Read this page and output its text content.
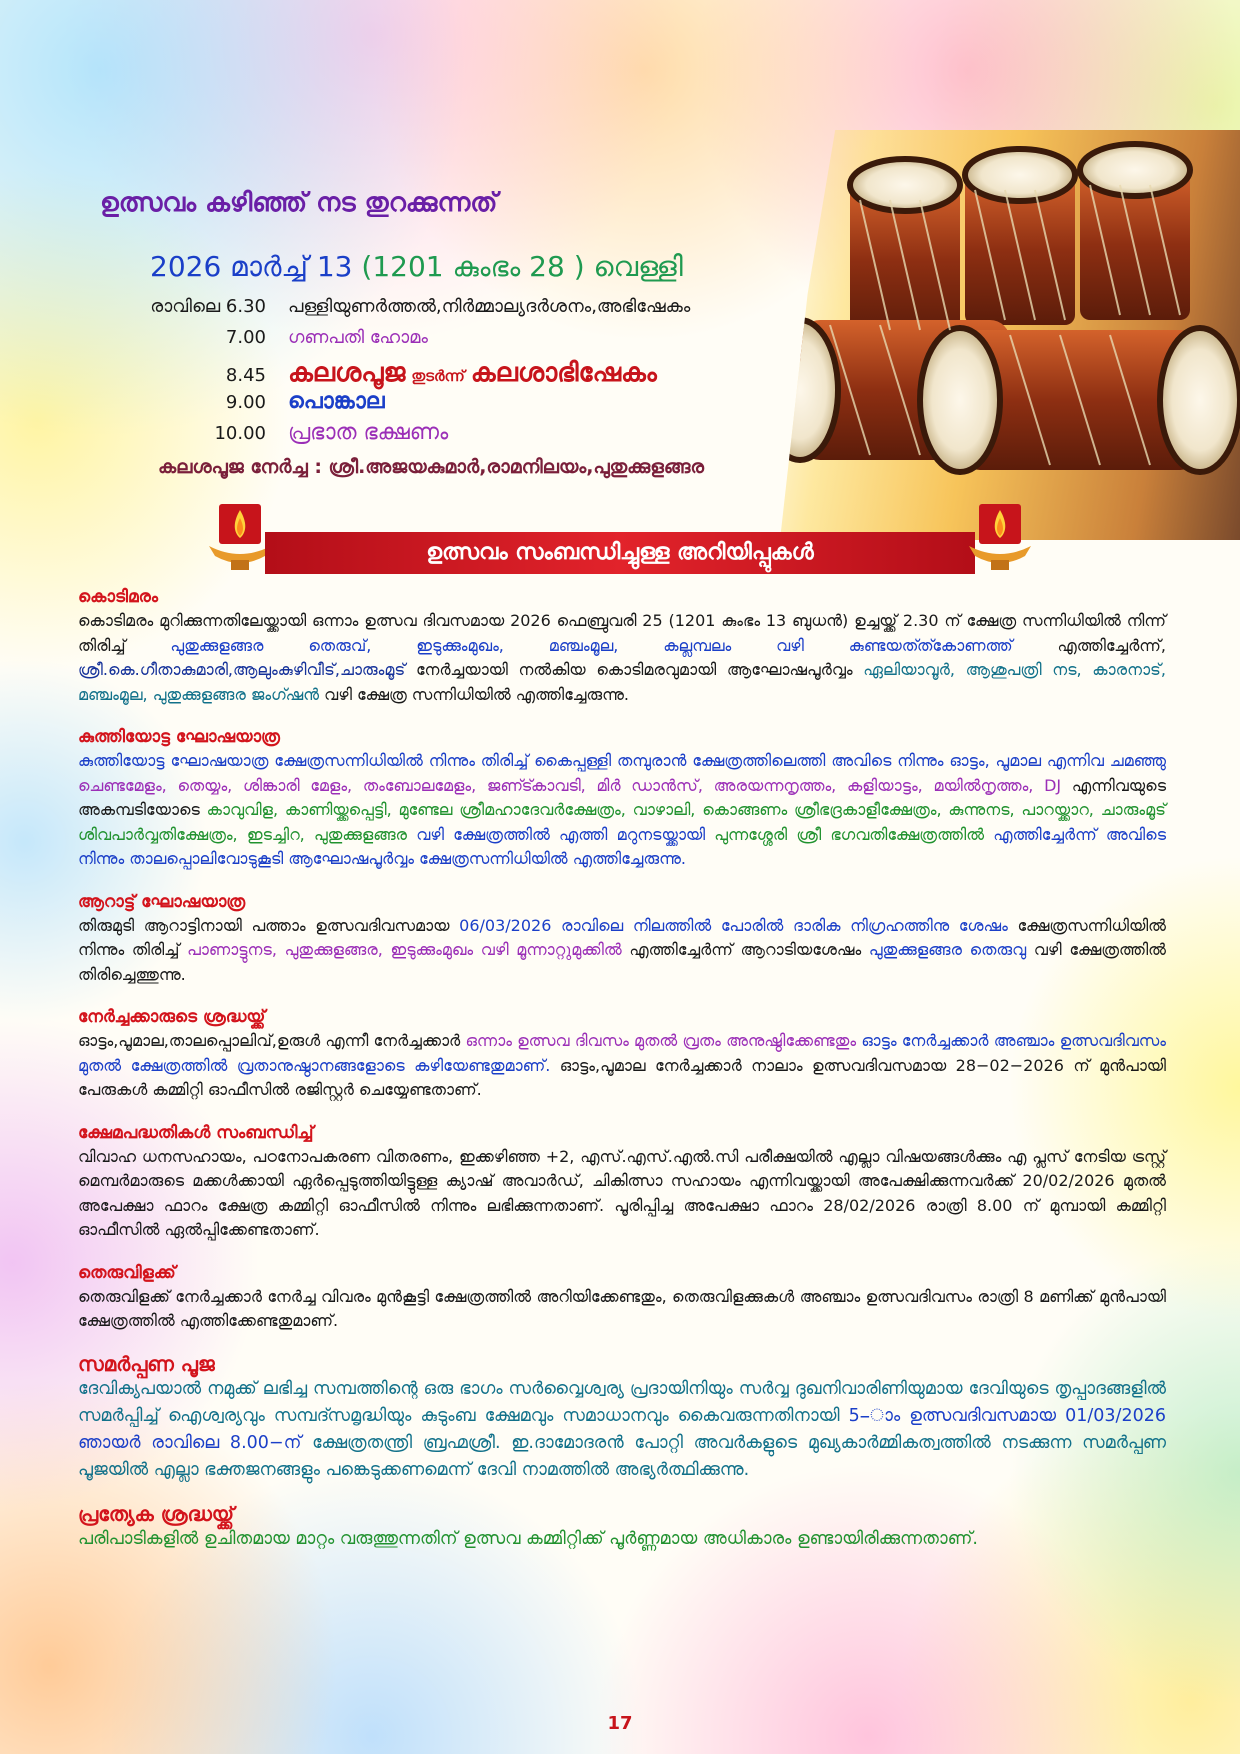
ഉത്സവം കഴിഞ്ഞ് നട തുറക്കുന്നത്
2026 മാർച്ച് 13 (1201 കുംഭം 28 ) വെള്ളി
രാവിലെ 6.30	പള്ളിയുണർത്തൽ,നിർമ്മാല്യദർശനം,അഭിഷേകം
7.00	ഗണപതി ഹോമം
8.45 കലശപൂജ തുടർന്ന് കലശാഭിഷേകം
9.00	പൊങ്കാല
10.00	പ്രഭാത ഭക്ഷണം
കലശപൂജ നേർച്ച : ശ്രീ.അജയകുമാർ,രാമനിലയം,പുതുക്കുളങ്ങര
ഉത്സവം സംബന്ധിച്ചുള്ള അറിയിപ്പുകൾ
കൊടിമരം

കൊടിമരം മുറിക്കുന്നതിലേയ്ക്കായി ഒന്നാം ഉത്സവ ദിവസമായ 2026 ഫെബ്രുവരി 25 (1201 കുംഭം 13 ബുധൻ) ഉച്ചയ്ക്ക് 2.30 ന് ക്ഷേത്ര സന്നിധിയിൽ നിന്ന് തിരിച്ച് പുതുക്കുളങ്ങര തെരുവ്, ഇടുക്കുംമുഖം, മഞ്ചംമൂല, കല്ലമ്പലം വഴി കുണ്ടയത്ത്കോണത്ത് എത്തിച്ചേർന്ന്, ശ്രീ.കെ.ഗീതാകുമാരി,ആലുംകുഴിവീട്,ചാരുംമൂട് നേർച്ചയായി നൽകിയ കൊടിമരവുമായി ആഘോഷപൂർവ്വം ഏലിയാവൂർ, ആശുപത്രി നട, കാരനാട്, മഞ്ചംമൂല, പുതുക്കുളങ്ങര ജംഗ്ഷൻ വഴി ക്ഷേത്ര സന്നിധിയിൽ എത്തിച്ചേരുന്നു.

കുത്തിയോട്ട ഘോഷയാത്ര

കുത്തിയോട്ട ഘോഷയാത്ര ക്ഷേത്രസന്നിധിയിൽ നിന്നും തിരിച്ച് കൈപ്പള്ളി തമ്പുരാൻ ക്ഷേത്രത്തിലെത്തി അവിടെ നിന്നും ഓട്ടം, പൂമാല എന്നിവ ചമഞ്ഞു ചെണ്ടമേളം, തെയ്യം, ശിങ്കാരി മേളം, തംബോലമേളം, ജണ്ട്കാവടി, മിര്‍ ഡാൻസ്, അരയന്നനൃത്തം, കളിയാട്ടം, മയിൽനൃത്തം, DJ എന്നിവയുടെ അകമ്പടിയോടെ കാവുവിള, കാണിയ്ക്കപ്പെട്ടി, മുണ്ടേല ശ്രീമഹാദേവർക്ഷേത്രം, വാഴാലി, കൊങ്ങണം ശ്രീഭദ്രകാളീക്ഷേത്രം, കുന്നുനട, പാറയ്ക്കാറ, ചാരുംമൂട് ശിവപാർവ്വതിക്ഷേത്രം, ഇടച്ചിറ, പുതുക്കുളങ്ങര വഴി ക്ഷേത്രത്തിൽ എത്തി മറുനടയ്ക്കായി പുന്നശ്ശേരി ശ്രീ ഭഗവതിക്ഷേത്രത്തിൽ എത്തിച്ചേർന്ന് അവിടെ നിന്നും താലപ്പൊലിവോടുകൂടി ആഘോഷപൂർവ്വം ക്ഷേത്രസന്നിധിയിൽ എത്തിച്ചേരുന്നു.

ആറാട്ട് ഘോഷയാത്ര

തിരുമുടി ആറാട്ടിനായി പത്താം ഉത്സവദിവസമായ 06/03/2026 രാവിലെ നിലത്തിൽ പോരിൽ ദാരിക നിഗ്രഹത്തിനു ശേഷം ക്ഷേത്രസന്നിധിയിൽ നിന്നും തിരിച്ച് പാണാട്ടുനട, പുതുക്കുളങ്ങര, ഇടുക്കുംമുഖം വഴി മൂന്നാറ്റുമുക്കിൽ എത്തിച്ചേർന്ന് ആറാടിയശേഷം പുതുക്കുളങ്ങര തെരുവു വഴി ക്ഷേത്രത്തിൽ തിരിച്ചെത്തുന്നു.

നേർച്ചക്കാരുടെ ശ്രദ്ധയ്ക്ക്

ഓട്ടം,പൂമാല,താലപ്പൊലിവ്,ഉരുൾ എന്നീ നേർച്ചക്കാർ ഒന്നാം ഉത്സവ ദിവസം മുതൽ വ്രതം അനുഷ്ഠിക്കേണ്ടതും ഓട്ടം നേർച്ചക്കാർ അഞ്ചാം ഉത്സവദിവസം മുതൽ ക്ഷേത്രത്തിൽ വ്രതാനുഷ്ഠാനങ്ങളോടെ കഴിയേണ്ടതുമാണ്. ഓട്ടം,പൂമാല നേർച്ചക്കാർ നാലാം ഉത്സവദിവസമായ 28−02−2026 ന് മുൻപായി പേരുകൾ കമ്മിറ്റി ഓഫീസിൽ രജിസ്റ്റർ ചെയ്യേണ്ടതാണ്.

ക്ഷേമപദ്ധതികൾ സംബന്ധിച്ച്

വിവാഹ ധനസഹായം, പഠനോപകരണ വിതരണം, ഇക്കഴിഞ്ഞ +2, എസ്.എസ്.എൽ.സി പരീക്ഷയിൽ എല്ലാ വിഷയങ്ങൾക്കും എ പ്ലസ് നേടിയ ട്രസ്റ്റ് മെമ്പർമാരുടെ മക്കൾക്കായി ഏർപ്പെടുത്തിയിട്ടുള്ള ക്യാഷ് അവാർഡ്, ചികിത്സാ സഹായം എന്നിവയ്ക്കായി അപേക്ഷിക്കുന്നവർക്ക് 20/02/2026 മുതൽ അപേക്ഷാ ഫാറം ക്ഷേത്ര കമ്മിറ്റി ഓഫീസിൽ നിന്നും ലഭിക്കുന്നതാണ്. പൂരിപ്പിച്ച അപേക്ഷാ ഫാറം 28/02/2026 രാത്രി 8.00 ന് മുമ്പായി കമ്മിറ്റി ഓഫീസിൽ ഏൽപ്പിക്കേണ്ടതാണ്.

തെരുവിളക്ക്

തെരുവിളക്ക് നേർച്ചക്കാർ നേർച്ച വിവരം മുൻകൂട്ടി ക്ഷേത്രത്തിൽ അറിയിക്കേണ്ടതും, തെരുവിളക്കുകൾ അഞ്ചാം ഉത്സവദിവസം രാത്രി 8 മണിക്ക് മുൻപായി ക്ഷേത്രത്തിൽ എത്തിക്കേണ്ടതുമാണ്.

സമർപ്പണ പൂജ

ദേവിക്യപയാൽ നമുക്ക് ലഭിച്ച സമ്പത്തിന്റെ ഒരു ഭാഗം സർവ്വൈശ്വര്യ പ്രദായിനിയും സർവ്വ ദുഖനിവാരിണിയുമായ ദേവിയുടെ തൃപ്പാദങ്ങളിൽ സമർപ്പിച്ച് ഐശ്വര്യവും സമ്പദ്സമൃദ്ധിയും കുടുംബ ക്ഷേമവും സമാധാനവും കൈവരുന്നതിനായി 5−ാം ഉത്സവദിവസമായ 01/03/2026 ഞായർ രാവിലെ 8.00−ന് ക്ഷേത്രതന്ത്രി ബ്രഹ്മശ്രീ. ഇ.ദാമോദരൻ പോറ്റി അവർകളുടെ മുഖ്യകാർമ്മികത്വത്തിൽ നടക്കുന്ന സമർപ്പണ പൂജയിൽ എല്ലാ ഭക്തജനങ്ങളും പങ്കെടുക്കണമെന്ന് ദേവി നാമത്തിൽ അഭ്യർത്ഥിക്കുന്നു.

പ്രത്യേക ശ്രദ്ധയ്ക്ക്

പരിപാടികളിൽ ഉചിതമായ മാറ്റം വരുത്തുന്നതിന് ഉത്സവ കമ്മിറ്റിക്ക് പൂർണ്ണമായ അധികാരം ഉണ്ടായിരിക്കുന്നതാണ്.

17
